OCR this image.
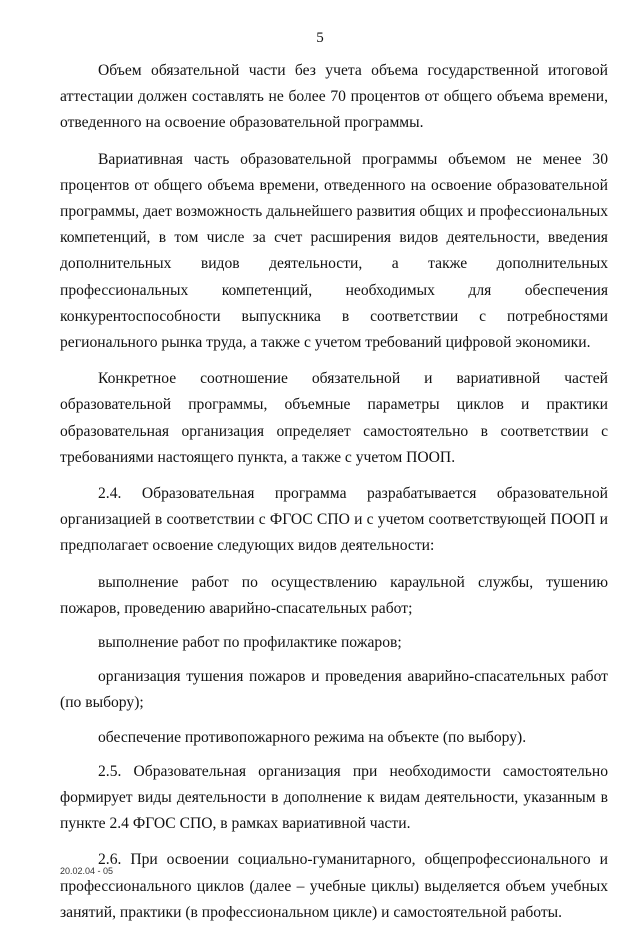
5

Объем обязательной части без учета объема государственной итоговой аттестации должен составлять не более 70 процентов от общего объема времени, отведенного на освоение образовательной программы.

Вариативная часть образовательной программы объемом не менее 30 процентов от общего объема времени, отведенного на освоение образовательной программы, дает возможность дальнейшего развития общих и профессиональных компетенций, в том числе за счет расширения видов деятельности, введения дополнительных видов деятельности, а также дополнительных профессиональных компетенций, необходимых для обеспечения конкурентоспособности выпускника в соответствии с потребностями регионального рынка труда, а также с учетом требований цифровой экономики.

Конкретное соотношение обязательной и вариативной частей образовательной программы, объемные параметры циклов и практики образовательная организация определяет самостоятельно в соответствии с требованиями настоящего пункта, а также с учетом ПООП.

2.4. Образовательная программа разрабатывается образовательной организацией в соответствии с ФГОС СПО и с учетом соответствующей ПООП и предполагает освоение следующих видов деятельности:

выполнение работ по осуществлению караульной службы, тушению пожаров, проведению аварийно-спасательных работ;

выполнение работ по профилактике пожаров;

организация тушения пожаров и проведения аварийно-спасательных работ (по выбору);

обеспечение противопожарного режима на объекте (по выбору).

2.5. Образовательная организация при необходимости самостоятельно формирует виды деятельности в дополнение к видам деятельности, указанным в пункте 2.4 ФГОС СПО, в рамках вариативной части.

2.6. При освоении социально-гуманитарного, общепрофессионального и профессионального циклов (далее – учебные циклы) выделяется объем учебных занятий, практики (в профессиональном цикле) и самостоятельной работы.

20.02.04 - 05
